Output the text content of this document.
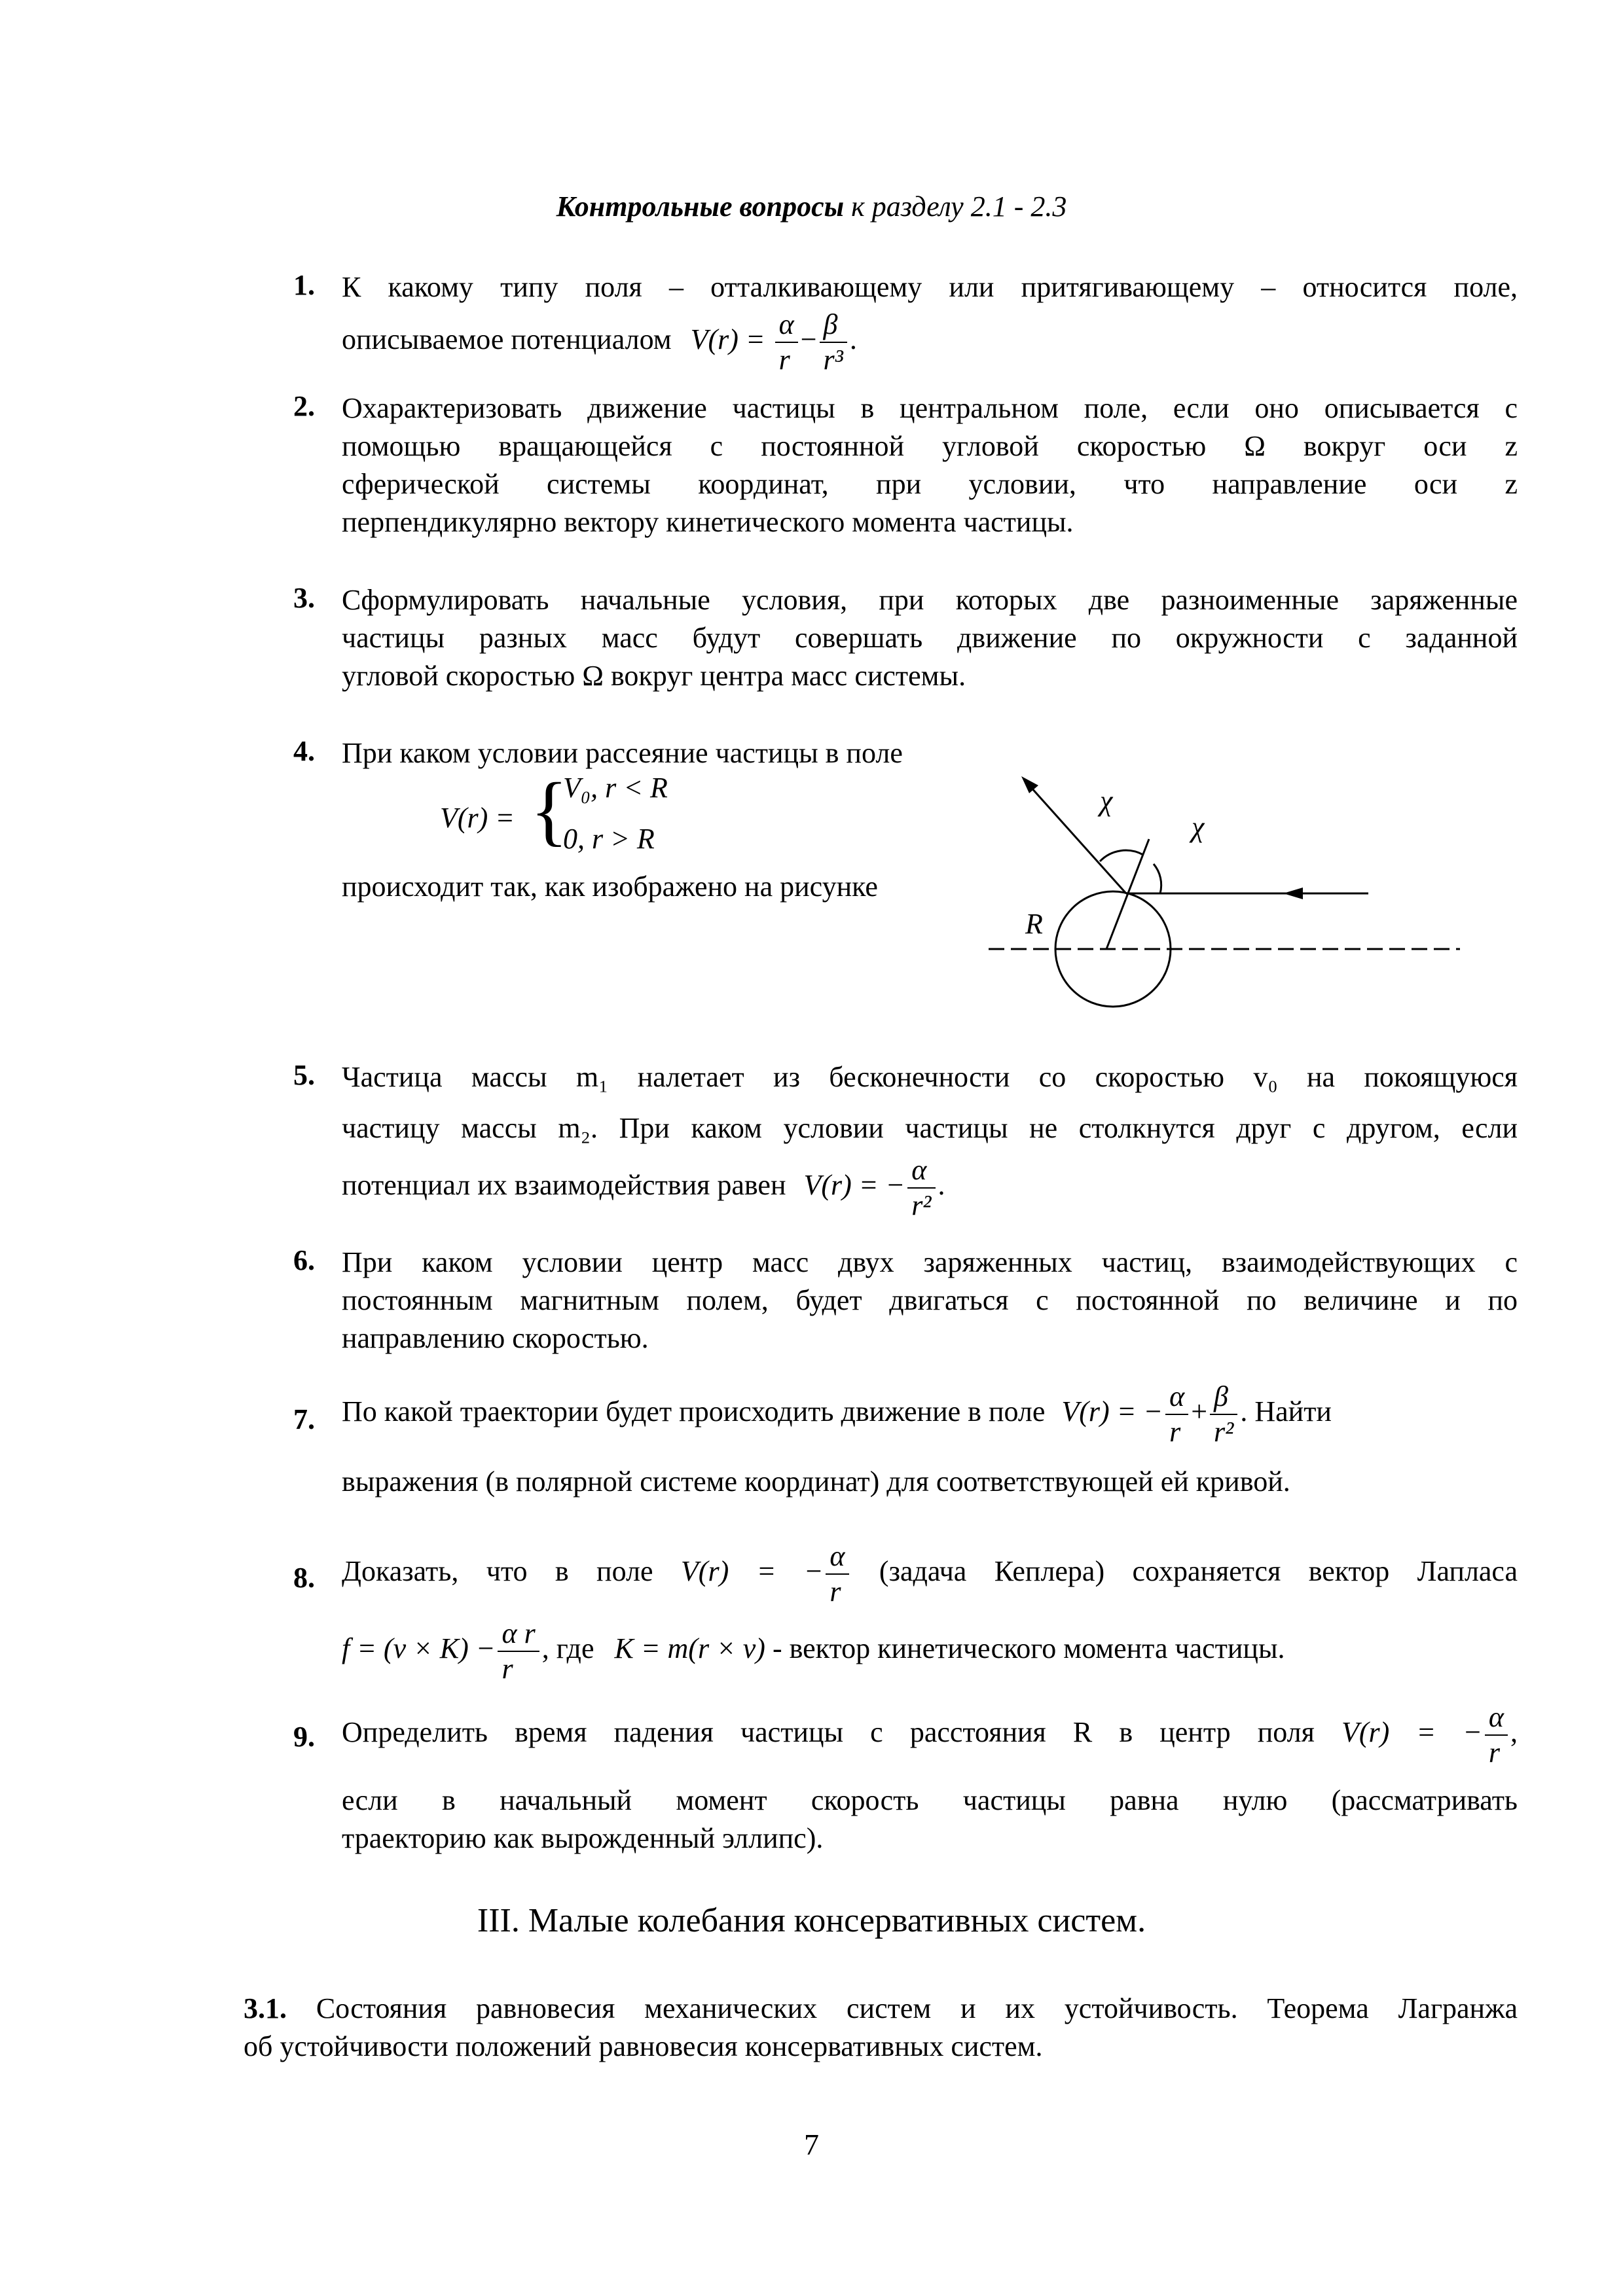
Контрольные вопросы к разделу 2.1 - 2.3
1. К какому типу поля – отталкивающему или притягивающему – относится поле,
описываемое потенциалом $V(r) = \frac{\alpha}{r} - \frac{\beta}{\text{r³}}$ .
2. Охарактеризовать движение частицы в центральном поле, если оно описывается с
помощью вращающейся с постоянной угловой скоростью Ω вокруг оси z
сферической системы координат, при условии, что направление оси z
перпендикулярно вектору кинетического момента частицы.
3. Сформулировать начальные условия, при которых две разноименные заряженные
частицы разных масс будут совершать движение по окружности с заданной
угловой скоростью Ω вокруг центра масс системы.
4. При каком условии рассеяние частицы в поле
V(r) = {
V₀, r < R
0, r > R
происходит так, как изображено на рисунке
χ
χ
R
5. Частица массы m₁ налетает из бесконечности со скоростью v₀ на покоящуюся
частицу массы m₂. При каком условии частицы не столкнутся друг с другом, если
потенциал их взаимодействия равен V(r) = − $\frac{\alpha}{\text{r²}}$ .
6. При каком условии центр масс двух заряженных частиц, взаимодействующих с
постоянным магнитным полем, будет двигаться с постоянной по величине и по
направлению скоростью.
7. По какой траектории будет происходить движение в поле V(r) = − $\frac{\alpha}{r} + \frac{\beta}{\text{r²}}$ . Найти
выражения (в полярной системе координат) для соответствующей ей кривой.
8. Доказать, что в поле V(r) = − $\frac{\alpha}{r}$ (задача Кеплера) сохраняется вектор Лапласа
$f = (v \times K) - \frac{\text{α r}}{r}$ , где K = m(r × v) - вектор кинетического момента частицы.
9. Определить время падения частицы с расстояния R в центр поля V(r) = − $\frac{\alpha}{r}$ ,
если в начальный момент скорость частицы равна нулю (рассматривать
траекторию как вырожденный эллипс).
III. Малые колебания консервативных систем.
3.1. Состояния равновесия механических систем и их устойчивость. Теорема Лагранжа
об устойчивости положений равновесия консервативных систем.
7
